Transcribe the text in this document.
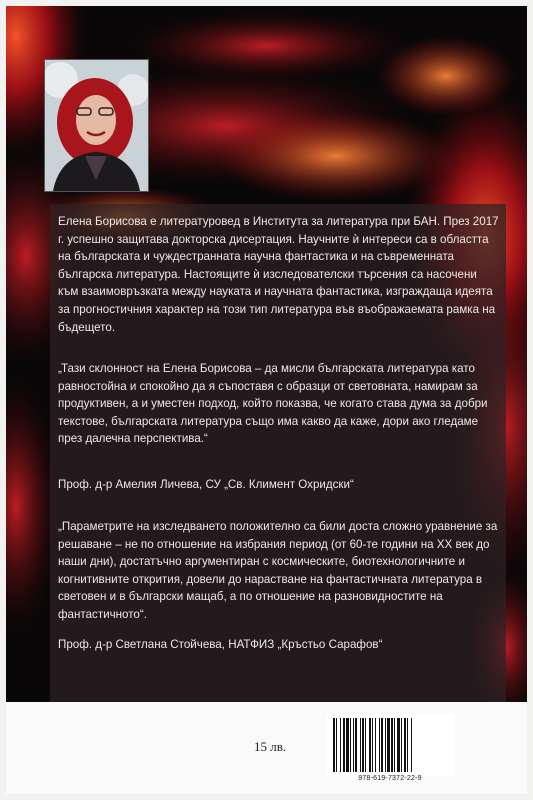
Елена Борисова е литературовед в Института за литература при БАН. През 2017 г. успешно защитава докторска дисертация. Научните ѝ интереси са в областта на българската и чуждестранната научна фантастика и на съвременната българска литература. Настоящите ѝ изследователски търсения са насочени към взаимовръзката между науката и научната фантастика, изграждаща идеята за прогностичния характер на този тип литература във въображаемата рамка на бъдещето.

„Тази склонност на Елена Борисова – да мисли българската литература като равностойна и спокойно да я съпоставя с образци от световната, намирам за продуктивен, а и уместен подход, който показва, че когато става дума за добри текстове, българската литература също има какво да каже, дори ако гледаме през далечна перспектива.“

Проф. д-р Амелия Личева, СУ „Св. Климент Охридски“

„Параметрите на изследването положително са били доста сложно уравнение за решаване – не по отношение на избрания период (от 60-те години на XX век до наши дни), достатъчно аргументиран с космическите, биотехнологичните и когнитивните открития, довели до нарастване на фантастичната литература в световен и в български мащаб, а по отношение на разновидностите на фантастичното“.

Проф. д-р Светлана Стойчева, НАТФИЗ „Кръстьо Сарафов“

15 лв.
978-619-7372-22-9
